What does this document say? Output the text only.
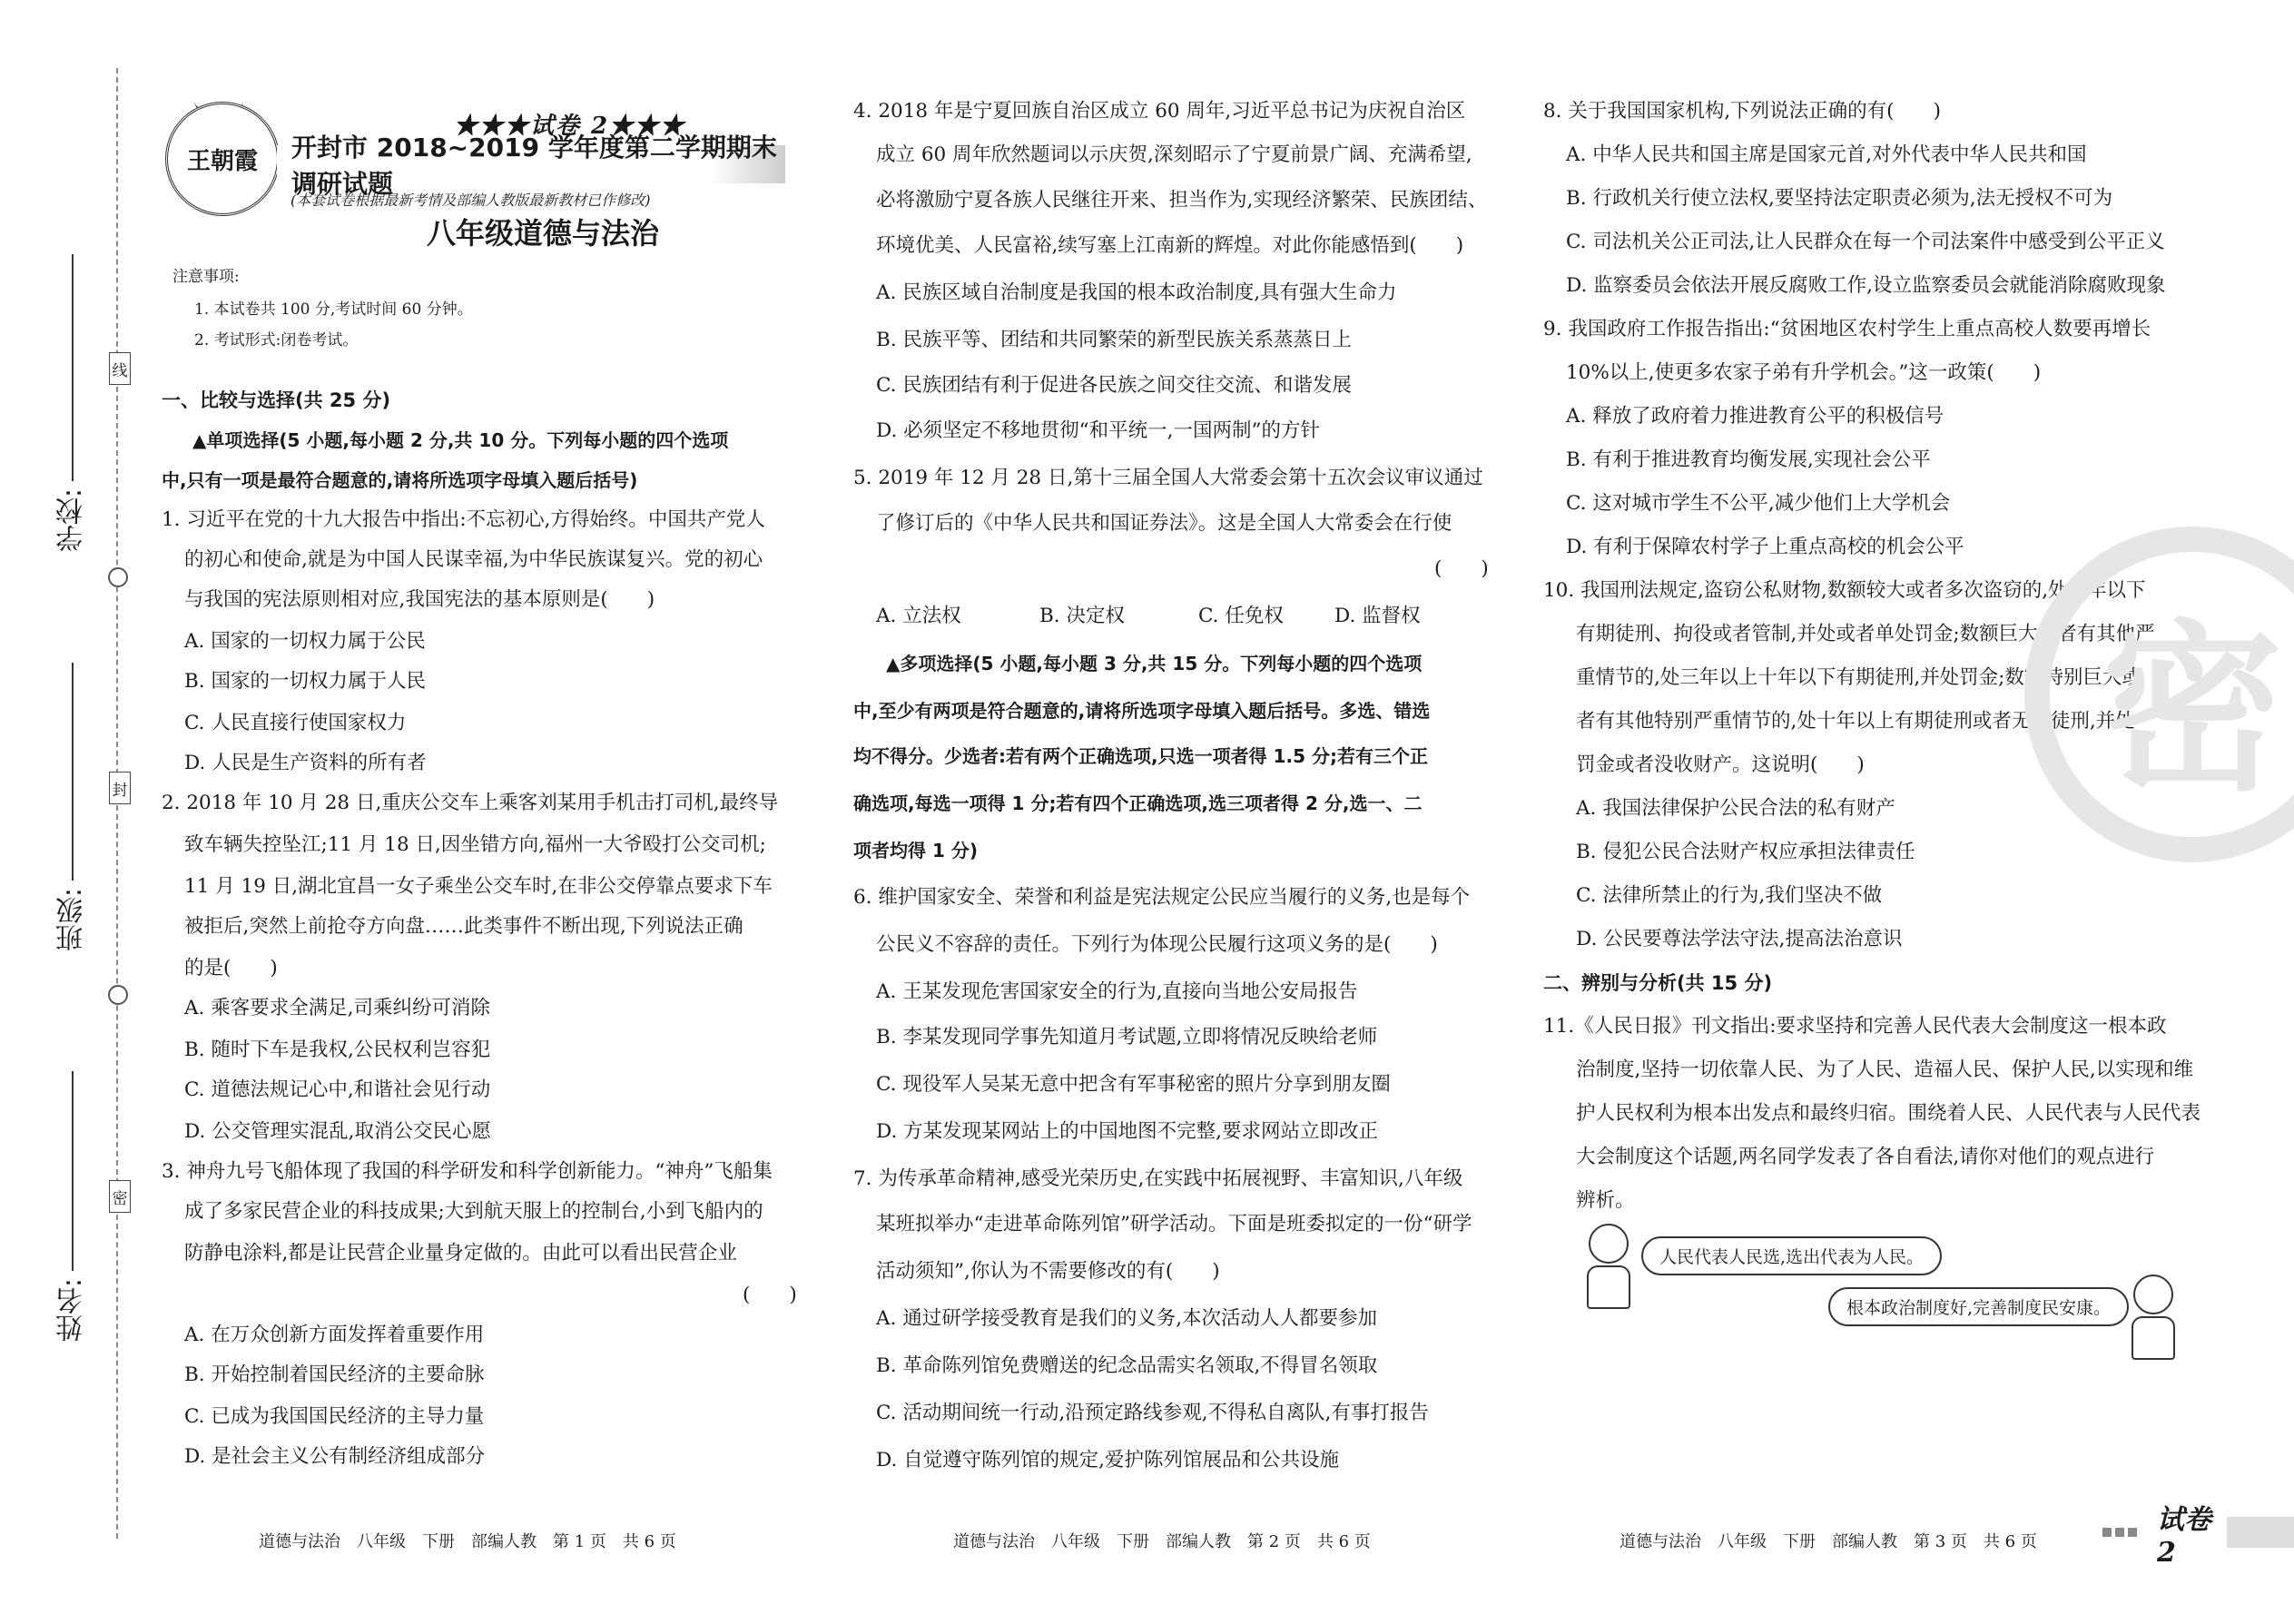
线
封
密
学校:
班级:
姓名:
王朝霞
★★★试卷 2★★★
开封市 2018~2019 学年度第二学期期末调研试题
(本套试卷根据最新考情及部编人教版最新教材已作修改)
八年级道德与法治
注意事项:
1. 本试卷共 100 分,考试时间 60 分钟。
2. 考试形式:闭卷考试。
一、比较与选择(共 25 分)
▲单项选择(5 小题,每小题 2 分,共 10 分。下列每小题的四个选项
中,只有一项是最符合题意的,请将所选项字母填入题后括号)
1. 习近平在党的十九大报告中指出:不忘初心,方得始终。中国共产党人
的初心和使命,就是为中国人民谋幸福,为中华民族谋复兴。党的初心
与我国的宪法原则相对应,我国宪法的基本原则是(　　)
A. 国家的一切权力属于公民
B. 国家的一切权力属于人民
C. 人民直接行使国家权力
D. 人民是生产资料的所有者
2. 2018 年 10 月 28 日,重庆公交车上乘客刘某用手机击打司机,最终导
致车辆失控坠江;11 月 18 日,因坐错方向,福州一大爷殴打公交司机;
11 月 19 日,湖北宜昌一女子乘坐公交车时,在非公交停靠点要求下车
被拒后,突然上前抢夺方向盘……此类事件不断出现,下列说法正确
的是(　　)
A. 乘客要求全满足,司乘纠纷可消除
B. 随时下车是我权,公民权利岂容犯
C. 道德法规记心中,和谐社会见行动
D. 公交管理实混乱,取消公交民心愿
3. 神舟九号飞船体现了我国的科学研发和科学创新能力。“神舟”飞船集
成了多家民营企业的科技成果;大到航天服上的控制台,小到飞船内的
防静电涂料,都是让民营企业量身定做的。由此可以看出民营企业
(　　)
A. 在万众创新方面发挥着重要作用
B. 开始控制着国民经济的主要命脉
C. 已成为我国国民经济的主导力量
D. 是社会主义公有制经济组成部分
4. 2018 年是宁夏回族自治区成立 60 周年,习近平总书记为庆祝自治区
成立 60 周年欣然题词以示庆贺,深刻昭示了宁夏前景广阔、充满希望,
必将激励宁夏各族人民继往开来、担当作为,实现经济繁荣、民族团结、
环境优美、人民富裕,续写塞上江南新的辉煌。对此你能感悟到(　　)
A. 民族区域自治制度是我国的根本政治制度,具有强大生命力
B. 民族平等、团结和共同繁荣的新型民族关系蒸蒸日上
C. 民族团结有利于促进各民族之间交往交流、和谐发展
D. 必须坚定不移地贯彻“和平统一,一国两制”的方针
5. 2019 年 12 月 28 日,第十三届全国人大常委会第十五次会议审议通过
了修订后的《中华人民共和国证券法》。这是全国人大常委会在行使
(　　)
A. 立法权	B. 决定权	C. 任免权	D. 监督权
▲多项选择(5 小题,每小题 3 分,共 15 分。下列每小题的四个选项
中,至少有两项是符合题意的,请将所选项字母填入题后括号。多选、错选
均不得分。少选者:若有两个正确选项,只选一项者得 1.5 分;若有三个正
确选项,每选一项得 1 分;若有四个正确选项,选三项者得 2 分,选一、二
项者均得 1 分)
6. 维护国家安全、荣誉和利益是宪法规定公民应当履行的义务,也是每个
公民义不容辞的责任。下列行为体现公民履行这项义务的是(　　)
A. 王某发现危害国家安全的行为,直接向当地公安局报告
B. 李某发现同学事先知道月考试题,立即将情况反映给老师
C. 现役军人吴某无意中把含有军事秘密的照片分享到朋友圈
D. 方某发现某网站上的中国地图不完整,要求网站立即改正
7. 为传承革命精神,感受光荣历史,在实践中拓展视野、丰富知识,八年级
某班拟举办“走进革命陈列馆”研学活动。下面是班委拟定的一份“研学
活动须知”,你认为不需要修改的有(　　)
A. 通过研学接受教育是我们的义务,本次活动人人都要参加
B. 革命陈列馆免费赠送的纪念品需实名领取,不得冒名领取
C. 活动期间统一行动,沿预定路线参观,不得私自离队,有事打报告
D. 自觉遵守陈列馆的规定,爱护陈列馆展品和公共设施
8. 关于我国国家机构,下列说法正确的有(　　)
A. 中华人民共和国主席是国家元首,对外代表中华人民共和国
B. 行政机关行使立法权,要坚持法定职责必须为,法无授权不可为
C. 司法机关公正司法,让人民群众在每一个司法案件中感受到公平正义
D. 监察委员会依法开展反腐败工作,设立监察委员会就能消除腐败现象
9. 我国政府工作报告指出:“贫困地区农村学生上重点高校人数要再增长
10%以上,使更多农家子弟有升学机会。”这一政策(　　)
A. 释放了政府着力推进教育公平的积极信号
B. 有利于推进教育均衡发展,实现社会公平
C. 这对城市学生不公平,减少他们上大学机会
D. 有利于保障农村学子上重点高校的机会公平
10. 我国刑法规定,盗窃公私财物,数额较大或者多次盗窃的,处三年以下
有期徒刑、拘役或者管制,并处或者单处罚金;数额巨大或者有其他严
重情节的,处三年以上十年以下有期徒刑,并处罚金;数额特别巨大或
者有其他特别严重情节的,处十年以上有期徒刑或者无期徒刑,并处
罚金或者没收财产。这说明(　　)
A. 我国法律保护公民合法的私有财产
B. 侵犯公民合法财产权应承担法律责任
C. 法律所禁止的行为,我们坚决不做
D. 公民要尊法学法守法,提高法治意识
二、辨别与分析(共 15 分)
11.《人民日报》刊文指出:要求坚持和完善人民代表大会制度这一根本政
治制度,坚持一切依靠人民、为了人民、造福人民、保护人民,以实现和维
护人民权利为根本出发点和最终归宿。围绕着人民、人民代表与人民代表
大会制度这个话题,两名同学发表了各自看法,请你对他们的观点进行
辨析。
人民代表人民选,选出代表为人民。
根本政治制度好,完善制度民安康。
密
道德与法治　八年级　下册　部编人教　第 1 页　共 6 页	道德与法治　八年级　下册　部编人教　第 2 页　共 6 页	道德与法治　八年级　下册　部编人教　第 3 页　共 6 页
试卷 2
